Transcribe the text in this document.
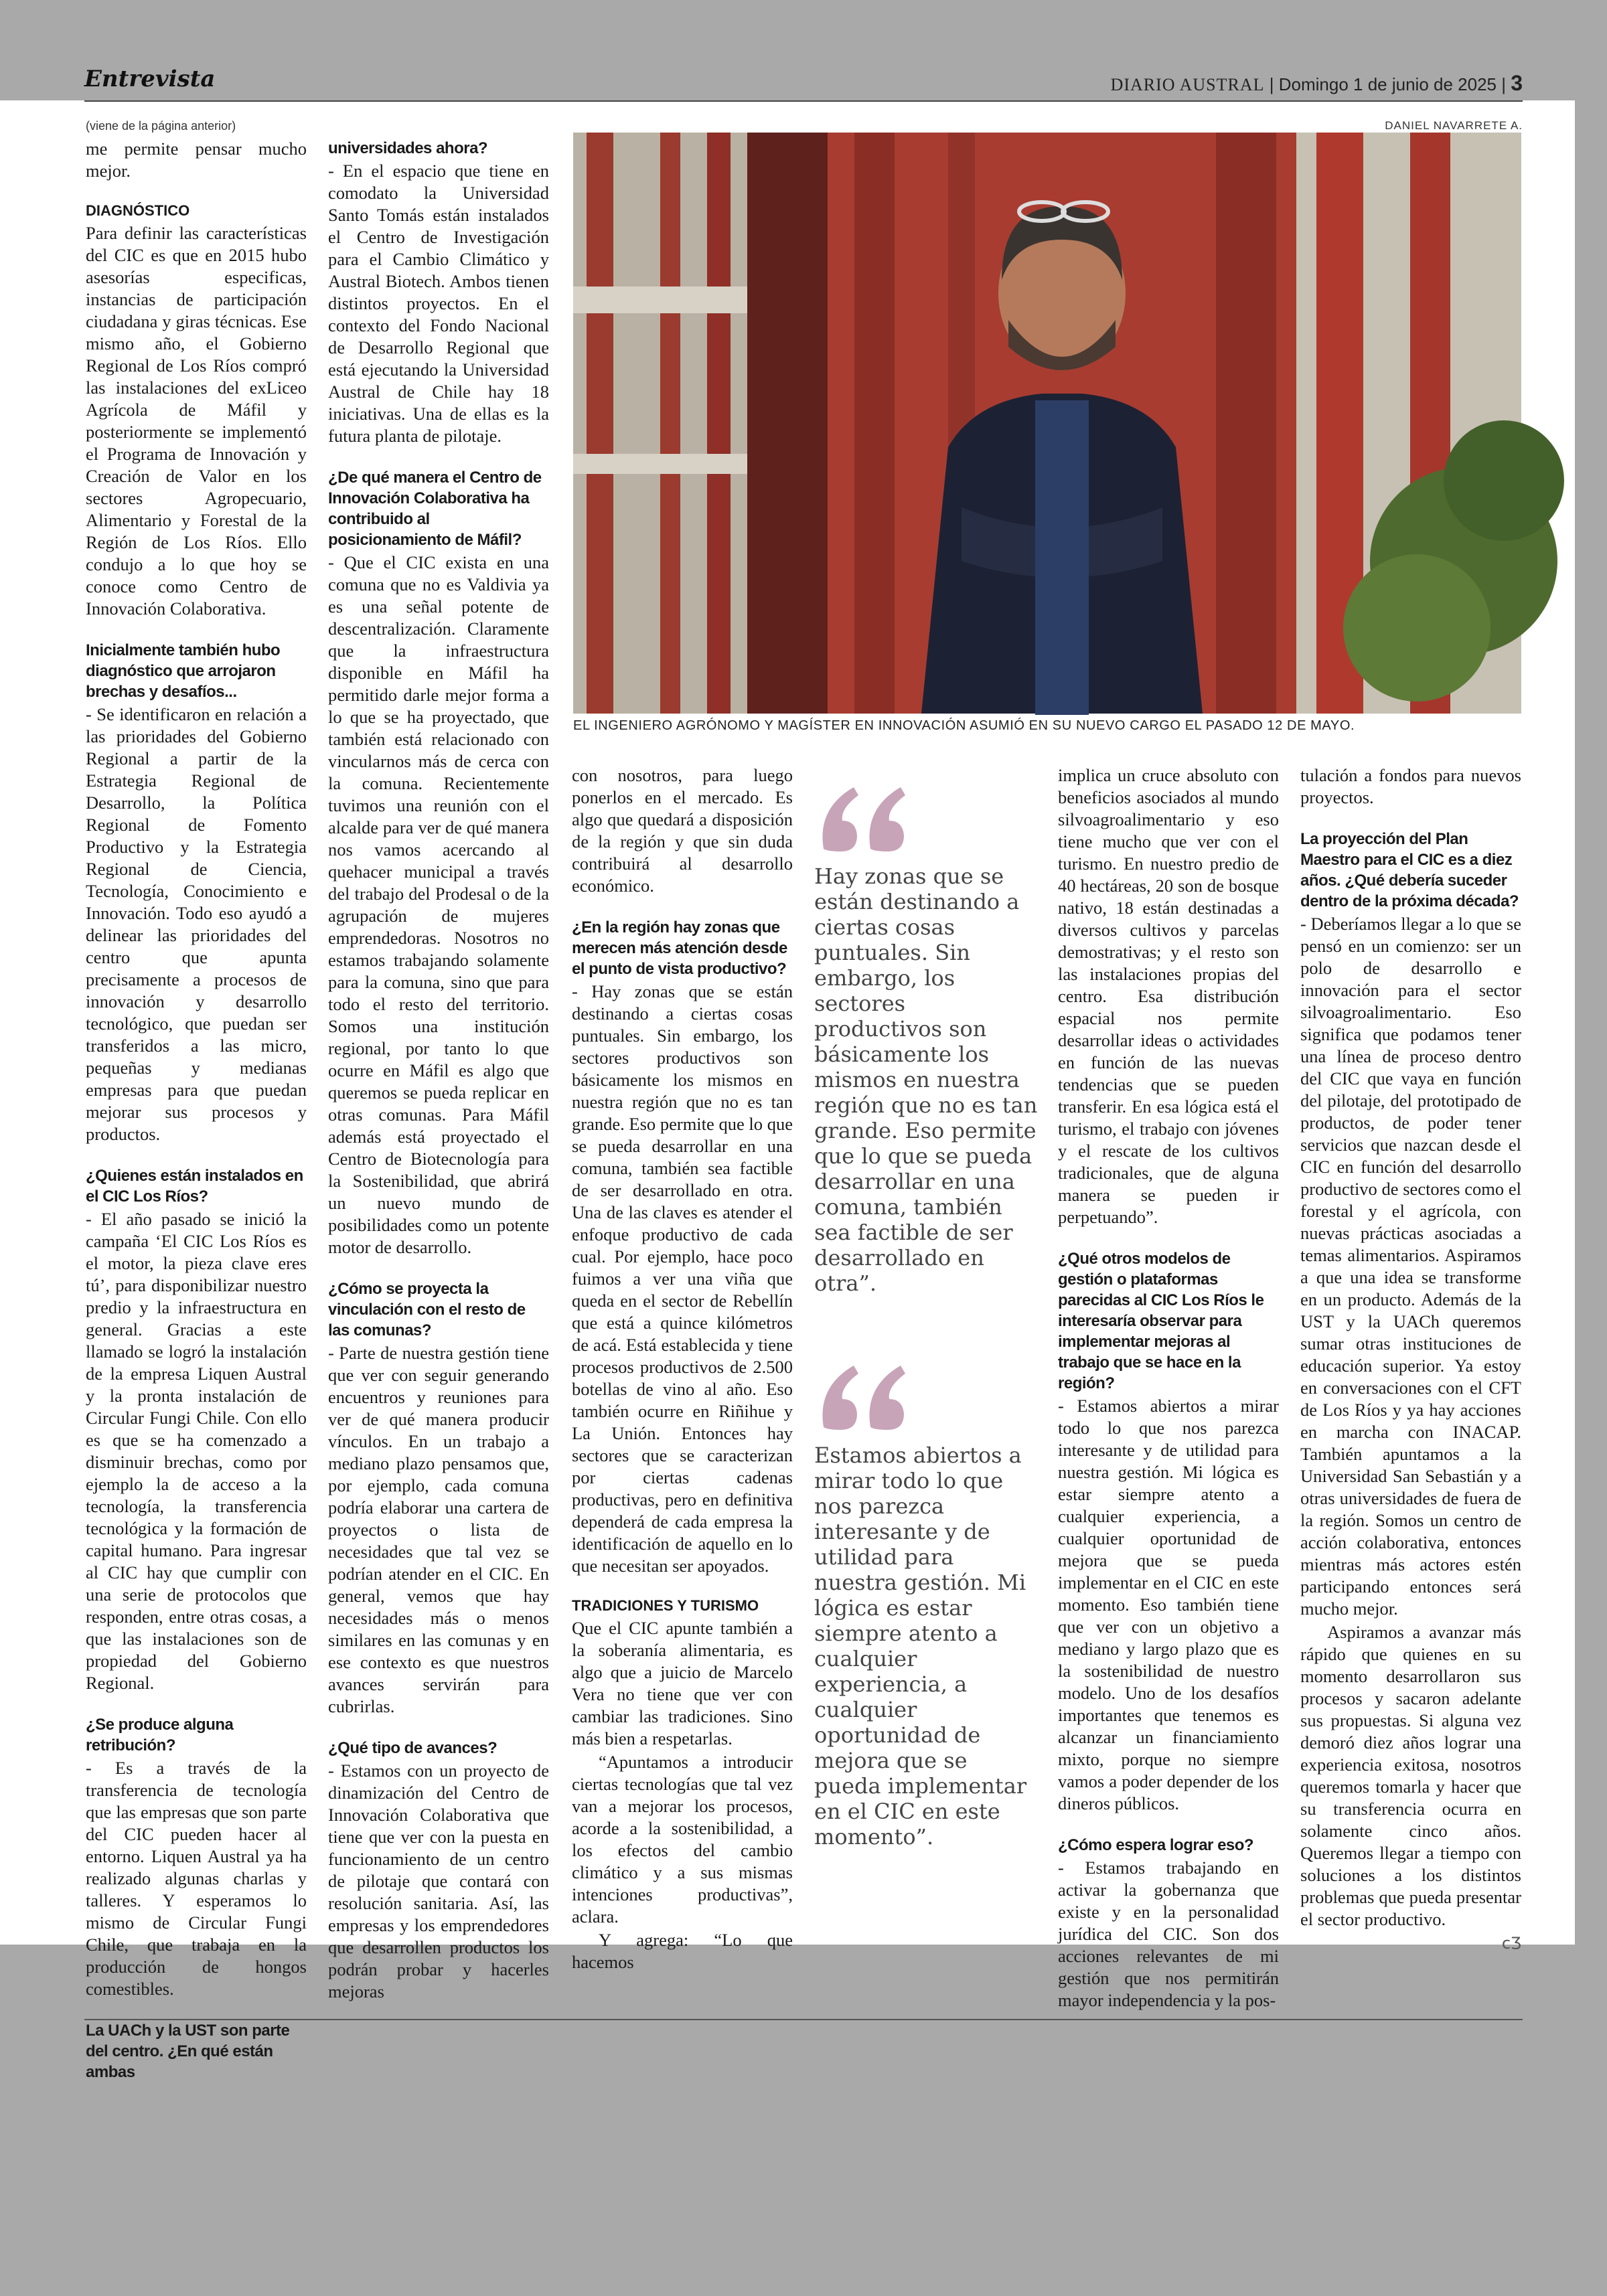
Entrevista	DIARIO AUSTRAL | Domingo 1 de junio de 2025 | 3
(viene de la página anterior)	DANIEL NAVARRETE A.
EL INGENIERO AGRÓNOMO Y MAGÍSTER EN INNOVACIÓN ASUMIÓ EN SU NUEVO CARGO EL PASADO 12 DE MAYO.

me permite pensar mucho mejor.

DIAGNÓSTICO

Para definir las características del CIC es que en 2015 hubo asesorías especificas, instancias de participación ciudadana y giras técnicas. Ese mismo año, el Gobierno Regional de Los Ríos compró las instalaciones del exLiceo Agrícola de Máfil y posteriormente se implementó el Programa de Innovación y Creación de Valor en los sectores Agropecuario, Alimentario y Forestal de la Región de Los Ríos. Ello condujo a lo que hoy se conoce como Centro de Innovación Colaborativa.

Inicialmente también hubo diagnóstico que arrojaron brechas y desafíos...

- Se identificaron en relación a las prioridades del Gobierno Regional a partir de la Estrategia Regional de Desarrollo, la Política Regional de Fomento Productivo y la Estrategia Regional de Ciencia, Tecnología, Conocimiento e Innovación. Todo eso ayudó a delinear las prioridades del centro que apunta precisamente a procesos de innovación y desarrollo tecnológico, que puedan ser transferidos a las micro, pequeñas y medianas empresas para que puedan mejorar sus procesos y productos.

¿Quienes están instalados en el CIC Los Ríos?

- El año pasado se inició la campaña ‘El CIC Los Ríos es el motor, la pieza clave eres tú’, para disponibilizar nuestro predio y la infraestructura en general. Gracias a este llamado se logró la instalación de la empresa Liquen Austral y la pronta instalación de Circular Fungi Chile. Con ello es que se ha comenzado a disminuir brechas, como por ejemplo la de acceso a la tecnología, la transferencia tecnológica y la formación de capital humano. Para ingresar al CIC hay que cumplir con una serie de protocolos que responden, entre otras cosas, a que las instalaciones son de propiedad del Gobierno Regional.

¿Se produce alguna retribución?

- Es a través de la transferencia de tecnología que las empresas que son parte del CIC pueden hacer al entorno. Liquen Austral ya ha realizado algunas charlas y talleres. Y esperamos lo mismo de Circular Fungi Chile, que trabaja en la producción de hongos comestibles.

La UACh y la UST son parte del centro. ¿En qué están ambas
universidades ahora?

- En el espacio que tiene en comodato la Universidad Santo Tomás están instalados el Centro de Investigación para el Cambio Climático y Austral Biotech. Ambos tienen distintos proyectos. En el contexto del Fondo Nacional de Desarrollo Regional que está ejecutando la Universidad Austral de Chile hay 18 iniciativas. Una de ellas es la futura planta de pilotaje.

¿De qué manera el Centro de Innovación Colaborativa ha contribuido al posicionamiento de Máfil?

- Que el CIC exista en una comuna que no es Valdivia ya es una señal potente de descentralización. Claramente que la infraestructura disponible en Máfil ha permitido darle mejor forma a lo que se ha proyectado, que también está relacionado con vincularnos más de cerca con la comuna. Recientemente tuvimos una reunión con el alcalde para ver de qué manera nos vamos acercando al quehacer municipal a través del trabajo del Prodesal o de la agrupación de mujeres emprendedoras. Nosotros no estamos trabajando solamente para la comuna, sino que para todo el resto del territorio. Somos una institución regional, por tanto lo que ocurre en Máfil es algo que queremos se pueda replicar en otras comunas. Para Máfil además está proyectado el Centro de Biotecnología para la Sostenibilidad, que abrirá un nuevo mundo de posibilidades como un potente motor de desarrollo.

¿Cómo se proyecta la vinculación con el resto de las comunas?

- Parte de nuestra gestión tiene que ver con seguir generando encuentros y reuniones para ver de qué manera producir vínculos. En un trabajo a mediano plazo pensamos que, por ejemplo, cada comuna podría elaborar una cartera de proyectos o lista de necesidades que tal vez se podrían atender en el CIC. En general, vemos que hay necesidades más o menos similares en las comunas y en ese contexto es que nuestros avances servirán para cubrirlas.

¿Qué tipo de avances?

- Estamos con un proyecto de dinamización del Centro de Innovación Colaborativa que tiene que ver con la puesta en funcionamiento de un centro de pilotaje que contará con resolución sanitaria. Así, las empresas y los emprendedores que desarrollen productos los podrán probar y hacerles mejoras

con nosotros, para luego ponerlos en el mercado. Es algo que quedará a disposición de la región y que sin duda contribuirá al desarrollo económico.

¿En la región hay zonas que merecen más atención desde el punto de vista productivo?

- Hay zonas que se están destinando a ciertas cosas puntuales. Sin embargo, los sectores productivos son básicamente los mismos en nuestra región que no es tan grande. Eso permite que lo que se pueda desarrollar en una comuna, también sea factible de ser desarrollado en otra. Una de las claves es atender el enfoque productivo de cada cual. Por ejemplo, hace poco fuimos a ver una viña que queda en el sector de Rebellín que está a quince kilómetros de acá. Está establecida y tiene procesos productivos de 2.500 botellas de vino al año. Eso también ocurre en Riñihue y La Unión. Entonces hay sectores que se caracterizan por ciertas cadenas productivas, pero en definitiva dependerá de cada empresa la identificación de aquello en lo que necesitan ser apoyados.

TRADICIONES Y TURISMO

Que el CIC apunte también a la soberanía alimentaria, es algo que a juicio de Marcelo Vera no tiene que ver con cambiar las tradiciones. Sino más bien a respetarlas.

“Apuntamos a introducir ciertas tecnologías que tal vez van a mejorar los procesos, acorde a la sostenibilidad, a los efectos del cambio climático y a sus mismas intenciones productivas”, aclara.

Y agrega: “Lo que hacemos

Hay zonas que se están destinando a ciertas cosas puntuales. Sin embargo, los sectores productivos son básicamente los mismos en nuestra región que no es tan grande. Eso permite que lo que se pueda desarrollar en una comuna, también sea factible de ser desarrollado en otra”.
Estamos abiertos a mirar todo lo que nos parezca interesante y de utilidad para nuestra gestión. Mi lógica es estar siempre atento a cualquier experiencia, a cualquier oportunidad de mejora que se pueda implementar en el CIC en este momento”.

implica un cruce absoluto con beneficios asociados al mundo silvoagroalimentario y eso tiene mucho que ver con el turismo. En nuestro predio de 40 hectáreas, 20 son de bosque nativo, 18 están destinadas a diversos cultivos y parcelas demostrativas; y el resto son las instalaciones propias del centro. Esa distribución espacial nos permite desarrollar ideas o actividades en función de las nuevas tendencias que se pueden transferir. En esa lógica está el turismo, el trabajo con jóvenes y el rescate de los cultivos tradicionales, que de alguna manera se pueden ir perpetuando”.

¿Qué otros modelos de gestión o plataformas parecidas al CIC Los Ríos le interesaría observar para implementar mejoras al trabajo que se hace en la región?

- Estamos abiertos a mirar todo lo que nos parezca interesante y de utilidad para nuestra gestión. Mi lógica es estar siempre atento a cualquier experiencia, a cualquier oportunidad de mejora que se pueda implementar en el CIC en este momento. Eso también tiene que ver con un objetivo a mediano y largo plazo que es la sostenibilidad de nuestro modelo. Uno de los desafíos importantes que tenemos es alcanzar un financiamiento mixto, porque no siempre vamos a poder depender de los dineros públicos.

¿Cómo espera lograr eso?

- Estamos trabajando en activar la gobernanza que existe y en la personalidad jurídica del CIC. Son dos acciones relevantes de mi gestión que nos permitirán mayor independencia y la pos-

tulación a fondos para nuevos proyectos.

La proyección del Plan Maestro para el CIC es a diez años. ¿Qué debería suceder dentro de la próxima década?

- Deberíamos llegar a lo que se pensó en un comienzo: ser un polo de desarrollo e innovación para el sector silvoagroalimentario. Eso significa que podamos tener una línea de proceso dentro del CIC que vaya en función del pilotaje, del prototipado de productos, de poder tener servicios que nazcan desde el CIC en función del desarrollo productivo de sectores como el forestal y el agrícola, con nuevas prácticas asociadas a temas alimentarios. Aspiramos a que una idea se transforme en un producto. Además de la UST y la UACh queremos sumar otras instituciones de educación superior. Ya estoy en conversaciones con el CFT de Los Ríos y ya hay acciones en marcha con INACAP. También apuntamos a la Universidad San Sebastián y a otras universidades de fuera de la región. Somos un centro de acción colaborativa, entonces mientras más actores estén participando entonces será mucho mejor.

Aspiramos a avanzar más rápido que quienes en su momento desarrollaron sus procesos y sacaron adelante sus propuestas. Si alguna vez demoró diez años lograr una experiencia exitosa, nosotros queremos tomarla y hacer que su transferencia ocurra en solamente cinco años. Queremos llegar a tiempo con soluciones a los distintos problemas que pueda presentar el sector productivo.

ᴄƷ
